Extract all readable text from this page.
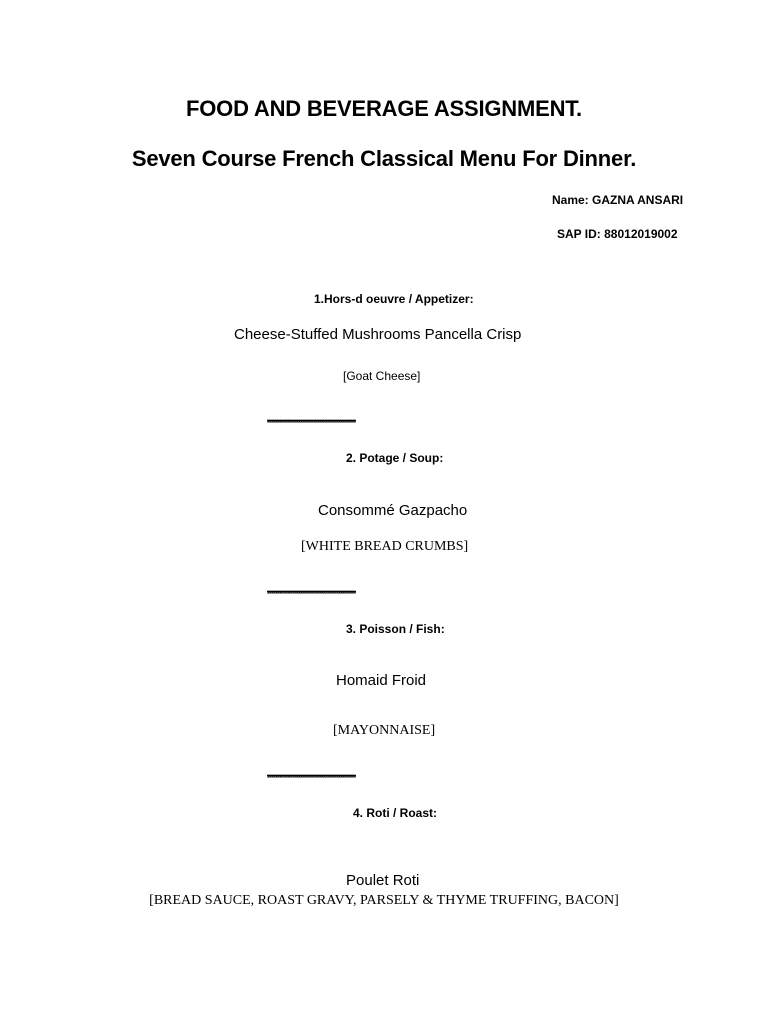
FOOD AND BEVERAGE ASSIGNMENT.
Seven Course French Classical Menu For Dinner.
Name: GAZNA ANSARI
SAP ID: 88012019002
1.Hors-d oeuvre / Appetizer:
Cheese-Stuffed Mushrooms Pancella Crisp
[Goat Cheese]
,,,,,,,,,,,,,,,,,,,,,,,,,,,,,,,,,,,,,,,,,,,,,,,,,,,,,,,,,,,,,,,,,,,,,,,,,,,,,,,,,,,,,,,,,,,,,,,,,,,,,,,,,,,,,,,,,,,,,,,,,,,,,,,,,,,,,,,
2. Potage / Soup:
Consommé Gazpacho
[WHITE BREAD CRUMBS]
,,,,,,,,,,,,,,,,,,,,,,,,,,,,,,,,,,,,,,,,,,,,,,,,,,,,,,,,,,,,,,,,,,,,,,,,,,,,,,,,,,,,,,,,,,,,,,,,,,,,,,,,,,,,,,,,,,,,,,,,,,,,,,,,,,,,,,,
3. Poisson / Fish:
Homaid Froid
[MAYONNAISE]
,,,,,,,,,,,,,,,,,,,,,,,,,,,,,,,,,,,,,,,,,,,,,,,,,,,,,,,,,,,,,,,,,,,,,,,,,,,,,,,,,,,,,,,,,,,,,,,,,,,,,,,,,,,,,,,,,,,,,,,,,,,,,,,,,,,,,,,
4. Roti / Roast:
Poulet Roti
[BREAD SAUCE, ROAST GRAVY, PARSELY & THYME TRUFFING, BACON]
